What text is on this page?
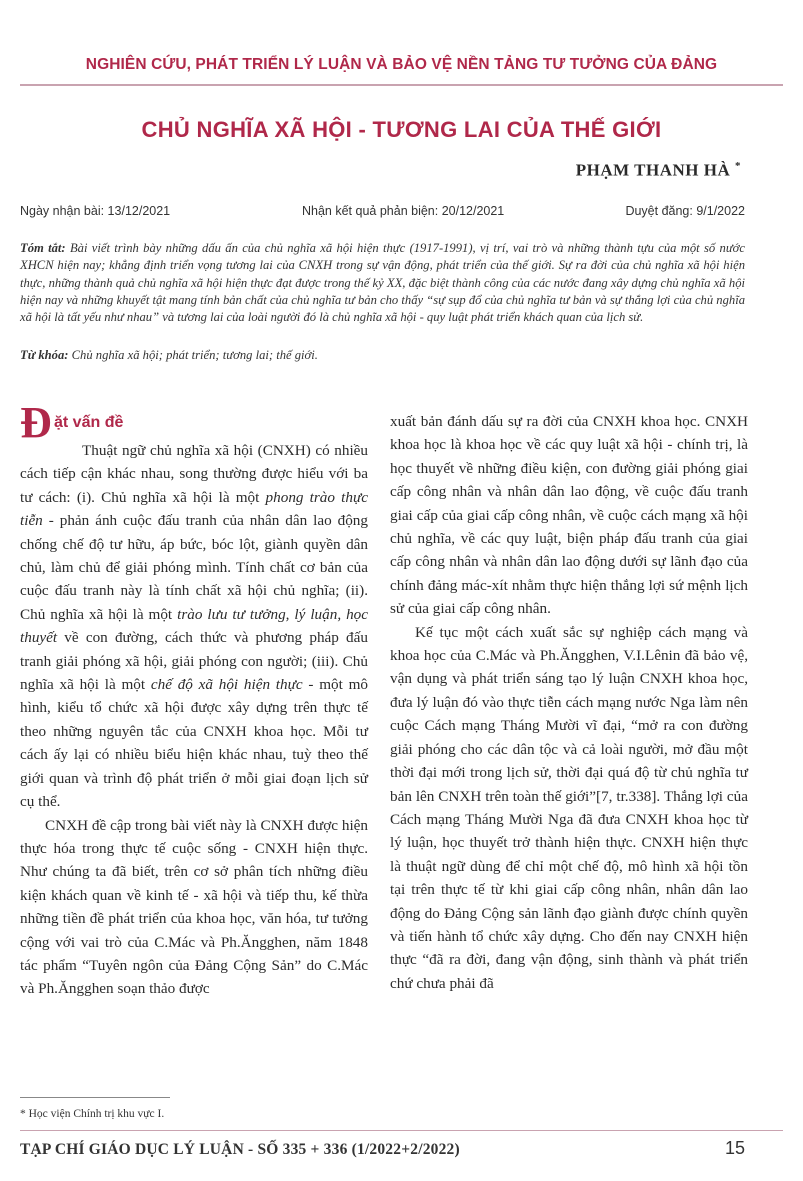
NGHIÊN CỨU, PHÁT TRIỂN LÝ LUẬN VÀ BẢO VỆ NỀN TẢNG TƯ TƯỞNG CỦA ĐẢNG
CHỦ NGHĨA XÃ HỘI - TƯƠNG LAI CỦA THẾ GIỚI
PHẠM THANH HÀ *
Ngày nhận bài: 13/12/2021	Nhận kết quả phản biện: 20/12/2021	Duyệt đăng: 9/1/2022
Tóm tắt: Bài viết trình bày những dấu ấn của chủ nghĩa xã hội hiện thực (1917-1991), vị trí, vai trò và những thành tựu của một số nước XHCN hiện nay; khẳng định triển vọng tương lai của CNXH trong sự vận động, phát triển của thế giới. Sự ra đời của chủ nghĩa xã hội hiện thực, những thành quả chủ nghĩa xã hội hiện thực đạt được trong thế kỷ XX, đặc biệt thành công của các nước đang xây dựng chủ nghĩa xã hội hiện nay và những khuyết tật mang tính bản chất của chủ nghĩa tư bản cho thấy “sự sụp đổ của chủ nghĩa tư bản và sự thắng lợi của chủ nghĩa xã hội là tất yếu như nhau” và tương lai của loài người đó là chủ nghĩa xã hội - quy luật phát triển khách quan của lịch sử.
Từ khóa: Chủ nghĩa xã hội; phát triển; tương lai; thế giới.
Đ ặt vấn đề

Thuật ngữ chủ nghĩa xã hội (CNXH) có nhiều cách tiếp cận khác nhau, song thường được hiểu với ba tư cách: (i). Chủ nghĩa xã hội là một phong trào thực tiễn - phản ánh cuộc đấu tranh của nhân dân lao động chống chế độ tư hữu, áp bức, bóc lột, giành quyền dân chủ, làm chủ để giải phóng mình. Tính chất cơ bản của cuộc đấu tranh này là tính chất xã hội chủ nghĩa; (ii). Chủ nghĩa xã hội là một trào lưu tư tưởng, lý luận, học thuyết về con đường, cách thức và phương pháp đấu tranh giải phóng xã hội, giải phóng con người; (iii). Chủ nghĩa xã hội là một chế độ xã hội hiện thực - một mô hình, kiểu tổ chức xã hội được xây dựng trên thực tế theo những nguyên tắc của CNXH khoa học. Mỗi tư cách ấy lại có nhiều biểu hiện khác nhau, tuỳ theo thế giới quan và trình độ phát triển ở mỗi giai đoạn lịch sử cụ thể.

CNXH đề cập trong bài viết này là CNXH được hiện thực hóa trong thực tế cuộc sống - CNXH hiện thực. Như chúng ta đã biết, trên cơ sở phân tích những điều kiện khách quan về kinh tế - xã hội và tiếp thu, kế thừa những tiền đề phát triển của khoa học, văn hóa, tư tưởng cộng với vai trò của C.Mác và Ph.Ăngghen, năm 1848 tác phẩm “Tuyên ngôn của Đảng Cộng Sản” do C.Mác và Ph.Ăngghen soạn thảo được

xuất bản đánh dấu sự ra đời của CNXH khoa học. CNXH khoa học là khoa học về các quy luật xã hội - chính trị, là học thuyết về những điều kiện, con đường giải phóng giai cấp công nhân và nhân dân lao động, về cuộc đấu tranh giai cấp của giai cấp công nhân, về cuộc cách mạng xã hội chủ nghĩa, về các quy luật, biện pháp đấu tranh của giai cấp công nhân và nhân dân lao động dưới sự lãnh đạo của chính đảng mác-xít nhằm thực hiện thắng lợi sứ mệnh lịch sử của giai cấp công nhân.

Kế tục một cách xuất sắc sự nghiệp cách mạng và khoa học của C.Mác và Ph.Ăngghen, V.I.Lênin đã bảo vệ, vận dụng và phát triển sáng tạo lý luận CNXH khoa học, đưa lý luận đó vào thực tiễn cách mạng nước Nga làm nên cuộc Cách mạng Tháng Mười vĩ đại, “mở ra con đường giải phóng cho các dân tộc và cả loài người, mở đầu một thời đại mới trong lịch sử, thời đại quá độ từ chủ nghĩa tư bản lên CNXH trên toàn thế giới”[7, tr.338]. Thắng lợi của Cách mạng Tháng Mười Nga đã đưa CNXH khoa học từ lý luận, học thuyết trở thành hiện thực. CNXH hiện thực là thuật ngữ dùng để chỉ một chế độ, mô hình xã hội tồn tại trên thực tế từ khi giai cấp công nhân, nhân dân lao động do Đảng Cộng sản lãnh đạo giành được chính quyền và tiến hành tổ chức xây dựng. Cho đến nay CNXH hiện thực “đã ra đời, đang vận động, sinh thành và phát triển chứ chưa phải đã

* Học viện Chính trị khu vực I.
TẠP CHÍ GIÁO DỤC LÝ LUẬN - SỐ 335 + 336 (1/2022+2/2022)	15
